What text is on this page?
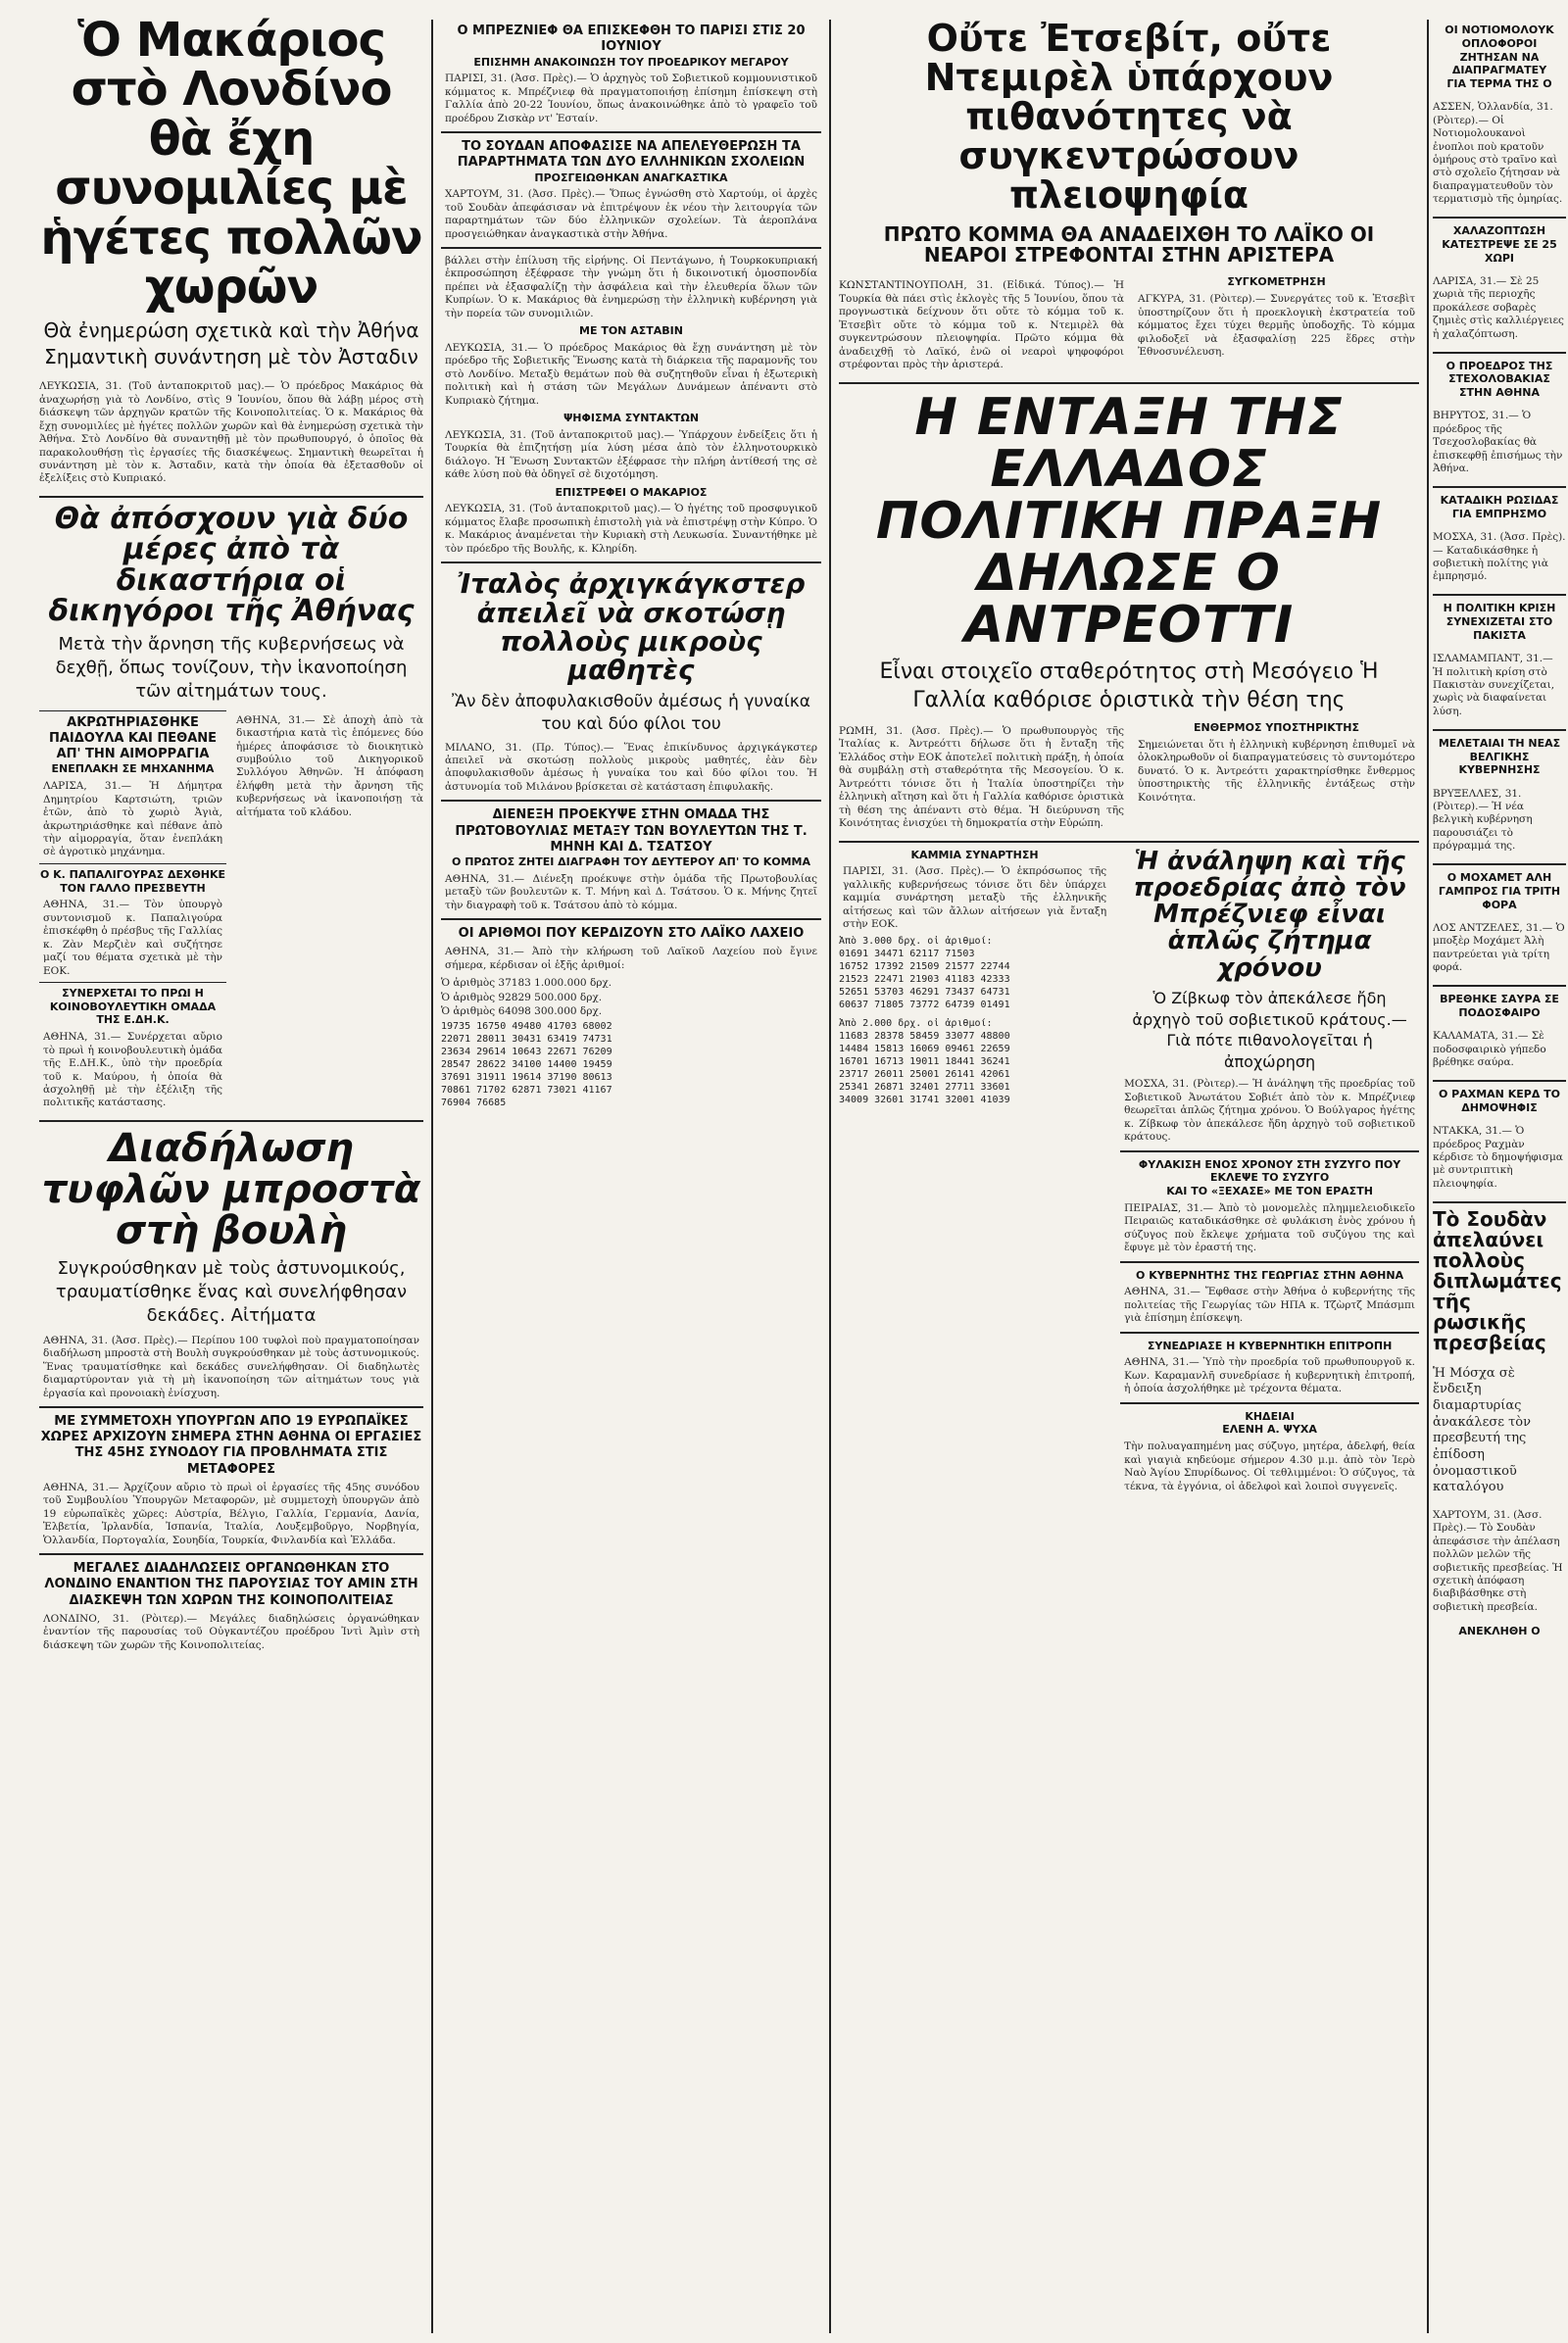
Ὁ Μακάριος στὸ Λονδίνο θὰ ἔχη συνομιλίες μὲ ἡγέτες πολλῶν χωρῶν

Θὰ ἐνημερώση σχετικὰ καὶ τὴν Ἀθήνα Σημαντικὴ συνάντηση μὲ τὸν Ἀσταδιν

ΛΕΥΚΩΣΙΑ, 31. (Τοῦ ἀνταποκριτοῦ μας).— Ὁ πρόεδρος Μακάριος θὰ ἀναχωρήσῃ γιὰ τὸ Λονδίνο, στὶς 9 Ἰουνίου, ὅπου θὰ λάβῃ μέρος στὴ διάσκεψη τῶν ἀρχηγῶν κρατῶν τῆς Κοινοπολιτείας. Ὁ κ. Μακάριος θὰ ἔχῃ συνομιλίες μὲ ἡγέτες πολλῶν χωρῶν καὶ θὰ ἐνημερώσῃ σχετικὰ τὴν Ἀθήνα. Στὸ Λονδίνο θὰ συναντηθῇ μὲ τὸν πρωθυπουργό, ὁ ὁποῖος θὰ παρακολουθήσῃ τὶς ἐργασίες τῆς διασκέψεως. Σημαντικὴ θεωρεῖται ἡ συνάντηση μὲ τὸν κ. Ἀσταδιν, κατὰ τὴν ὁποία θὰ ἐξετασθοῦν οἱ ἐξελίξεις στὸ Κυπριακό.

Θὰ ἀπόσχουν γιὰ δύο μέρες ἀπὸ τὰ δικαστήρια οἱ δικηγόροι τῆς Ἀθήνας

Μετὰ τὴν ἄρνηση τῆς κυβερνήσεως νὰ δεχθῇ, ὅπως τονίζουν, τὴν ἱκανοποίηση τῶν αἰτημάτων τους.

ΑΚΡΩΤΗΡΙΑΣΘΗΚΕ ΠΑΙΔΟΥΛΑ ΚΑΙ ΠΕΘΑΝΕ ΑΠ' ΤΗΝ ΑΙΜΟΡΡΑΓΙΑ

ΕΝΕΠΛΑΚΗ ΣΕ ΜΗΧΑΝΗΜΑ

ΛΑΡΙΣΑ, 31.— Ἡ Δήμητρα Δημητρίου Καρτσιώτη, τριῶν ἐτῶν, ἀπὸ τὸ χωριὸ Ἀγιὰ, ἀκρωτηριάσθηκε καὶ πέθανε ἀπὸ τὴν αἱμορραγία, ὅταν ἐνεπλάκη σὲ ἀγροτικὸ μηχάνημα.

Ο Κ. ΠΑΠΑΛΙΓΟΥΡΑΣ ΔΕΧΘΗΚΕ ΤΟΝ ΓΑΛΛΟ ΠΡΕΣΒΕΥΤΗ

ΑΘΗΝΑ, 31.— Τὸν ὑπουργὸ συντονισμοῦ κ. Παπαλιγούρα ἐπισκέφθη ὁ πρέσβυς τῆς Γαλλίας κ. Ζὰν Μερζιὲν καὶ συζήτησε μαζί του θέματα σχετικὰ μὲ τὴν ΕΟΚ.

ΣΥΝΕΡΧΕΤΑΙ ΤΟ ΠΡΩΙ Η ΚΟΙΝΟΒΟΥΛΕΥΤΙΚΗ ΟΜΑΔΑ ΤΗΣ Ε.ΔΗ.Κ.

ΑΘΗΝΑ, 31.— Συνέρχεται αὔριο τὸ πρωὶ ἡ κοινοβουλευτικὴ ὁμάδα τῆς Ε.ΔΗ.Κ., ὑπὸ τὴν προεδρία τοῦ κ. Μαύρου, ἡ ὁποία θὰ ἀσχοληθῇ μὲ τὴν ἐξέλιξη τῆς πολιτικῆς κατάστασης.

ΑΘΗΝΑ, 31.— Σὲ ἀποχὴ ἀπὸ τὰ δικαστήρια κατὰ τὶς ἑπόμενες δύο ἡμέρες ἀποφάσισε τὸ διοικητικὸ συμβούλιο τοῦ Δικηγορικοῦ Συλλόγου Ἀθηνῶν. Ἡ ἀπόφαση ἐλήφθη μετὰ τὴν ἄρνηση τῆς κυβερνήσεως νὰ ἱκανοποιήσῃ τὰ αἰτήματα τοῦ κλάδου.

Διαδήλωση τυφλῶν μπροστὰ στὴ βουλὴ

Συγκρούσθηκαν μὲ τοὺς ἀστυνομικούς, τραυματίσθηκε ἕνας καὶ συνελήφθησαν δεκάδες. Αἰτήματα

ΑΘΗΝΑ, 31. (Ἀσσ. Πρὲς).— Περίπου 100 τυφλοὶ ποὺ πραγματοποίησαν διαδήλωση μπροστὰ στὴ Βουλὴ συγκρούσθηκαν μὲ τοὺς ἀστυνομικούς. Ἕνας τραυματίσθηκε καὶ δεκάδες συνελήφθησαν. Οἱ διαδηλωτὲς διαμαρτύρονταν γιὰ τὴ μὴ ἱκανοποίηση τῶν αἰτημάτων τους γιὰ ἐργασία καὶ προνοιακὴ ἐνίσχυση.

ΜΕ ΣΥΜΜΕΤΟΧΗ ΥΠΟΥΡΓΩΝ ΑΠΟ 19 ΕΥΡΩΠΑΪΚΕΣ ΧΩΡΕΣ ΑΡΧΙΖΟΥΝ ΣΗΜΕΡΑ ΣΤΗΝ ΑΘΗΝΑ ΟΙ ΕΡΓΑΣΙΕΣ ΤΗΣ 45ΗΣ ΣΥΝΟΔΟΥ ΓΙΑ ΠΡΟΒΛΗΜΑΤΑ ΣΤΙΣ ΜΕΤΑΦΟΡΕΣ

ΑΘΗΝΑ, 31.— Ἀρχίζουν αὔριο τὸ πρωὶ οἱ ἐργασίες τῆς 45ης συνόδου τοῦ Συμβουλίου Ὑπουργῶν Μεταφορῶν, μὲ συμμετοχὴ ὑπουργῶν ἀπὸ 19 εὐρωπαϊκὲς χῶρες: Αὐστρία, Βέλγιο, Γαλλία, Γερμανία, Δανία, Ἑλβετία, Ἰρλανδία, Ἰσπανία, Ἰταλία, Λουξεμβοῦργο, Νορβηγία, Ὁλλανδία, Πορτογαλία, Σουηδία, Τουρκία, Φινλανδία καὶ Ἑλλάδα.

ΜΕΓΑΛΕΣ ΔΙΑΔΗΛΩΣΕΙΣ ΟΡΓΑΝΩΘΗΚΑΝ ΣΤΟ ΛΟΝΔΙΝΟ ΕΝΑΝΤΙΟΝ ΤΗΣ ΠΑΡΟΥΣΙΑΣ ΤΟΥ ΑΜΙΝ ΣΤΗ ΔΙΑΣΚΕΨΗ ΤΩΝ ΧΩΡΩΝ ΤΗΣ ΚΟΙΝΟΠΟΛΙΤΕΙΑΣ

ΛΟΝΔΙΝΟ, 31. (Ρὸιτερ).— Μεγάλες διαδηλώσεις ὀργανώθηκαν ἐναντίον τῆς παρουσίας τοῦ Οὐγκαντέζου προέδρου Ἰντὶ Ἀμὶν στὴ διάσκεψη τῶν χωρῶν τῆς Κοινοπολιτείας.

Ο ΜΠΡΕΖΝΙΕΦ ΘΑ ΕΠΙΣΚΕΦΘΗ ΤΟ ΠΑΡΙΣΙ ΣΤΙΣ 20 ΙΟΥΝΙΟΥ

ΕΠΙΣΗΜΗ ΑΝΑΚΟΙΝΩΣΗ ΤΟΥ ΠΡΟΕΔΡΙΚΟΥ ΜΕΓΑΡΟΥ

ΠΑΡΙΣΙ, 31. (Ἀσσ. Πρὲς).— Ὁ ἀρχηγὸς τοῦ Σοβιετικοῦ κομμουνιστικοῦ κόμματος κ. Μπρέζνιεφ θὰ πραγματοποιήσῃ ἐπίσημη ἐπίσκεψη στὴ Γαλλία ἀπὸ 20-22 Ἰουνίου, ὅπως ἀνακοινώθηκε ἀπὸ τὸ γραφεῖο τοῦ προέδρου Ζισκὰρ ντ' Ἐσταίν.

ΤΟ ΣΟΥΔΑΝ ΑΠΟΦΑΣΙΣΕ ΝΑ ΑΠΕΛΕΥΘΕΡΩΣΗ ΤΑ ΠΑΡΑΡΤΗΜΑΤΑ ΤΩΝ ΔΥΟ ΕΛΛΗΝΙΚΩΝ ΣΧΟΛΕΙΩΝ

ΠΡΟΣΓΕΙΩΘΗΚΑΝ ΑΝΑΓΚΑΣΤΙΚΑ

ΧΑΡΤΟΥΜ, 31. (Ἀσσ. Πρὲς).— Ὅπως ἐγνώσθη στὸ Χαρτούμ, οἱ ἀρχὲς τοῦ Σουδὰν ἀπεφάσισαν νὰ ἐπιτρέψουν ἐκ νέου τὴν λειτουργία τῶν παραρτημάτων τῶν δύο ἑλληνικῶν σχολείων. Τὰ ἀεροπλάνα προσγειώθηκαν ἀναγκαστικὰ στὴν Ἀθήνα.

βάλλει στὴν ἐπίλυση τῆς εἰρήνης. Οἱ Πεντάγωνο, ἡ Τουρκοκυπριακή ἐκπροσώπηση ἐξέφρασε τὴν γνώμη ὅτι ἡ δικοινοτική ὁμοσπονδία πρέπει νὰ ἐξασφαλίζῃ τὴν ἀσφάλεια καὶ τὴν ἐλευθερία ὅλων τῶν Κυπρίων. Ὁ κ. Μακάριος θὰ ἐνημερώσῃ τὴν ἑλληνικὴ κυβέρνηση γιὰ τὴν πορεία τῶν συνομιλιῶν.

ΜΕ ΤΟΝ ΑΣΤΑΒΙΝ

ΛΕΥΚΩΣΙΑ, 31.— Ὁ πρόεδρος Μακάριος θὰ ἔχῃ συνάντηση μὲ τὸν πρόεδρο τῆς Σοβιετικῆς Ἕνωσης κατὰ τὴ διάρκεια τῆς παραμονῆς του στὸ Λονδίνο. Μεταξὺ θεμάτων ποὺ θὰ συζητηθοῦν εἶναι ἡ ἐξωτερικὴ πολιτικὴ καὶ ἡ στάση τῶν Μεγάλων Δυνάμεων ἀπέναντι στὸ Κυπριακὸ ζήτημα.

ΨΗΦΙΣΜΑ ΣΥΝΤΑΚΤΩΝ

ΛΕΥΚΩΣΙΑ, 31. (Τοῦ ἀνταποκριτοῦ μας).— Ὑπάρχουν ἐνδείξεις ὅτι ἡ Τουρκία θὰ ἐπιζητήσῃ μία λύση μέσα ἀπὸ τὸν ἑλληνοτουρκικὸ διάλογο. Ἡ Ἕνωση Συντακτῶν ἐξέφρασε τὴν πλήρη ἀντίθεσή της σὲ κάθε λύση ποὺ θὰ ὁδηγεῖ σὲ διχοτόμηση.

ΕΠΙΣΤΡΕΦΕΙ Ο ΜΑΚΑΡΙΟΣ

ΛΕΥΚΩΣΙΑ, 31. (Τοῦ ἀνταποκριτοῦ μας).— Ὁ ἡγέτης τοῦ προσφυγικοῦ κόμματος ἔλαβε προσωπικὴ ἐπιστολὴ γιὰ νὰ ἐπιστρέψῃ στὴν Κύπρο. Ὁ κ. Μακάριος ἀναμένεται τὴν Κυριακὴ στὴ Λευκωσία. Συναντήθηκε μὲ τὸν πρόεδρο τῆς Βουλῆς, κ. Κληρίδη.

Ἰταλὸς ἀρχιγκάγκστερ ἀπειλεῖ νὰ σκοτώσῃ πολλοὺς μικροὺς μαθητὲς

Ἂν δὲν ἀποφυλακισθοῦν ἀμέσως ἡ γυναίκα του καὶ δύο φίλοι του

ΜΙΛΑΝΟ, 31. (Πρ. Τύπος).— Ἕνας ἐπικίνδυνος ἀρχιγκάγκστερ ἀπειλεῖ νὰ σκοτώσῃ πολλοὺς μικροὺς μαθητές, ἐὰν δὲν ἀποφυλακισθοῦν ἀμέσως ἡ γυναίκα του καὶ δύο φίλοι του. Ἡ ἀστυνομία τοῦ Μιλάνου βρίσκεται σὲ κατάσταση ἐπιφυλακῆς.

ΔΙΕΝΕΞΗ ΠΡΟΕΚΥΨΕ ΣΤΗΝ ΟΜΑΔΑ ΤΗΣ ΠΡΩΤΟΒΟΥΛΙΑΣ ΜΕΤΑΞΥ ΤΩΝ ΒΟΥΛΕΥΤΩΝ ΤΗΣ Τ. ΜΗΝΗ ΚΑΙ Δ. ΤΣΑΤΣΟΥ

Ο ΠΡΩΤΟΣ ΖΗΤΕΙ ΔΙΑΓΡΑΦΗ ΤΟΥ ΔΕΥΤΕΡΟΥ ΑΠ' ΤΟ ΚΟΜΜΑ

ΑΘΗΝΑ, 31.— Διένεξη προέκυψε στὴν ὁμάδα τῆς Πρωτοβουλίας μεταξὺ τῶν βουλευτῶν κ. Τ. Μήνη καὶ Δ. Τσάτσου. Ὁ κ. Μήνης ζητεῖ τὴν διαγραφὴ τοῦ κ. Τσάτσου ἀπὸ τὸ κόμμα.

ΟΙ ΑΡΙΘΜΟΙ ΠΟΥ ΚΕΡΔΙΖΟΥΝ ΣΤΟ ΛΑΪΚΟ ΛΑΧΕΙΟ

ΑΘΗΝΑ, 31.— Ἀπὸ τὴν κλήρωση τοῦ Λαϊκοῦ Λαχείου ποὺ ἔγινε σήμερα, κέρδισαν οἱ ἑξῆς ἀριθμοί:

Ὁ ἀριθμὸς 37183 1.000.000 δρχ.

Ὁ ἀριθμὸς 92829 500.000 δρχ.

Ὁ ἀριθμὸς 64098 300.000 δρχ.

19735 16750 49480 41703 68002
22071 28011 30431 63419 74731
23634 29614 10643 22671 76209
28547 28622 34100 14400 19459
37691 31911 19614 37190 80613
70861 71702 62871 73021 41167
76904 76685
Οὔτε Ἐτσεβίτ, οὔτε Ντεμιρὲλ ὑπάρχουν πιθανότητες νὰ συγκεντρώσουν πλειοψηφία

ΠΡΩΤΟ ΚΟΜΜΑ ΘΑ ΑΝΑΔΕΙΧΘΗ ΤΟ ΛΑΪΚΟ ΟΙ ΝΕΑΡΟΙ ΣΤΡΕΦΟΝΤΑΙ ΣΤΗΝ ΑΡΙΣΤΕΡΑ

ΚΩΝΣΤΑΝΤΙΝΟΥΠΟΛΗ, 31. (Εἰδικά. Τύπος).— Ἡ Τουρκία θὰ πάει στὶς ἐκλογὲς τῆς 5 Ἰουνίου, ὅπου τὰ προγνωστικὰ δείχνουν ὅτι οὔτε τὸ κόμμα τοῦ κ. Ἐτσεβὶτ οὔτε τὸ κόμμα τοῦ κ. Ντεμιρὲλ θὰ συγκεντρώσουν πλειοψηφία. Πρῶτο κόμμα θὰ ἀναδειχθῇ τὸ Λαϊκό, ἐνῶ οἱ νεαροὶ ψηφοφόροι στρέφονται πρὸς τὴν ἀριστερά.

ΣΥΓΚΟΜΕΤΡΗΣΗ

ΑΓΚΥΡΑ, 31. (Ρὸιτερ).— Συνεργάτες τοῦ κ. Ἐτσεβὶτ ὑποστηρίζουν ὅτι ἡ προεκλογικὴ ἐκστρατεία τοῦ κόμματος ἔχει τύχει θερμῆς ὑποδοχῆς. Τὸ κόμμα φιλοδοξεῖ νὰ ἐξασφαλίσῃ 225 ἕδρες στὴν Ἐθνοσυνέλευση.

Η ΕΝΤΑΞΗ ΤΗΣ ΕΛΛΑΔΟΣ ΠΟΛΙΤΙΚΗ ΠΡΑΞΗ ΔΗΛΩΣΕ Ο ΑΝΤΡΕΟΤΤΙ

Εἶναι στοιχεῖο σταθερότητος στὴ Μεσόγειο Ἡ Γαλλία καθόρισε ὁριστικὰ τὴν θέση της

ΡΩΜΗ, 31. (Ἀσσ. Πρὲς).— Ὁ πρωθυπουργὸς τῆς Ἰταλίας κ. Ἀντρεόττι δήλωσε ὅτι ἡ ἔνταξη τῆς Ἑλλάδος στὴν ΕΟΚ ἀποτελεῖ πολιτικὴ πράξη, ἡ ὁποία θὰ συμβάλῃ στὴ σταθερότητα τῆς Μεσογείου. Ὁ κ. Ἀντρεόττι τόνισε ὅτι ἡ Ἰταλία ὑποστηρίζει τὴν ἑλληνικὴ αἴτηση καὶ ὅτι ἡ Γαλλία καθόρισε ὁριστικὰ τὴ θέση της ἀπέναντι στὸ θέμα. Ἡ διεύρυνση τῆς Κοινότητας ἐνισχύει τὴ δημοκρατία στὴν Εὐρώπη.

ΕΝΘΕΡΜΟΣ ΥΠΟΣΤΗΡΙΚΤΗΣ

Σημειώνεται ὅτι ἡ ἑλληνικὴ κυβέρνηση ἐπιθυμεῖ νὰ ὁλοκληρωθοῦν οἱ διαπραγματεύσεις τὸ συντομότερο δυνατό. Ὁ κ. Ἀντρεόττι χαρακτηρίσθηκε ἔνθερμος ὑποστηρικτὴς τῆς ἑλληνικῆς ἐντάξεως στὴν Κοινότητα.

ΚΑΜΜΙΑ ΣΥΝΑΡΤΗΣΗ

ΠΑΡΙΣΙ, 31. (Ἀσσ. Πρὲς).— Ὁ ἐκπρόσωπος τῆς γαλλικῆς κυβερνήσεως τόνισε ὅτι δὲν ὑπάρχει καμμία συνάρτηση μεταξὺ τῆς ἑλληνικῆς αἰτήσεως καὶ τῶν ἄλλων αἰτήσεων γιὰ ἔνταξη στὴν ΕΟΚ.

Ἀπὸ 3.000 δρχ. οἱ ἀριθμοί:
01691 34471 62117 71503
16752 17392 21509 21577 22744
21523 22471 21903 41183 42333
52651 53703 46291 73437 64731
60637 71805 73772 64739 01491
Ἀπὸ 2.000 δρχ. οἱ ἀριθμοί:
11683 28378 58459 33077 48800
14484 15813 16069 09461 22659
16701 16713 19011 18441 36241
23717 26011 25001 26141 42061
25341 26871 32401 27711 33601
34009 32601 31741 32001 41039
Ἡ ἀνάληψη καὶ τῆς προεδρίας ἀπὸ τὸν Μπρέζνιεφ εἶναι ἁπλῶς ζήτημα χρόνου

Ὁ Ζίβκωφ τὸν ἀπεκάλεσε ἤδη ἀρχηγὸ τοῦ σοβιετικοῦ κράτους.— Γιὰ πότε πιθανολογεῖται ἡ ἀποχώρηση

ΜΟΣΧΑ, 31. (Ρὸιτερ).— Ἡ ἀνάληψη τῆς προεδρίας τοῦ Σοβιετικοῦ Ἀνωτάτου Σοβιέτ ἀπὸ τὸν κ. Μπρέζνιεφ θεωρεῖται ἁπλῶς ζήτημα χρόνου. Ὁ Βούλγαρος ἡγέτης κ. Ζίβκωφ τὸν ἀπεκάλεσε ἤδη ἀρχηγὸ τοῦ σοβιετικοῦ κράτους.

ΦΥΛΑΚΙΣΗ ΕΝΟΣ ΧΡΟΝΟΥ ΣΤΗ ΣΥΖΥΓΟ ΠΟΥ ΕΚΛΕΨΕ ΤΟ ΣΥΖΥΓΟ

ΚΑΙ ΤΟ «ΞΕΧΑΣΕ» ΜΕ ΤΟΝ ΕΡΑΣΤΗ

ΠΕΙΡΑΙΑΣ, 31.— Ἀπὸ τὸ μονομελὲς πλημμελειοδικεῖο Πειραιῶς καταδικάσθηκε σὲ φυλάκιση ἑνὸς χρόνου ἡ σύζυγος ποὺ ἔκλεψε χρήματα τοῦ συζύγου της καὶ ἔφυγε μὲ τὸν ἐραστή της.

Ο ΚΥΒΕΡΝΗΤΗΣ ΤΗΣ ΓΕΩΡΓΙΑΣ ΣΤΗΝ ΑΘΗΝΑ

ΑΘΗΝΑ, 31.— Ἔφθασε στὴν Ἀθήνα ὁ κυβερνήτης τῆς πολιτείας τῆς Γεωργίας τῶν ΗΠΑ κ. Τζὼρτζ Μπάσμπι γιὰ ἐπίσημη ἐπίσκεψη.

ΣΥΝΕΔΡΙΑΣΕ Η ΚΥΒΕΡΝΗΤΙΚΗ ΕΠΙΤΡΟΠΗ

ΑΘΗΝΑ, 31.— Ὑπὸ τὴν προεδρία τοῦ πρωθυπουργοῦ κ. Κων. Καραμανλῆ συνεδρίασε ἡ κυβερνητικὴ ἐπιτροπή, ἡ ὁποία ἀσχολήθηκε μὲ τρέχοντα θέματα.

ΚΗΔΕΙΑΙ

ΕΛΕΝΗ Α. ΨΥΧΑ

Τὴν πολυαγαπημένη μας σύζυγο, μητέρα, ἀδελφή, θεία καὶ γιαγιὰ κηδεύομε σήμερον 4.30 μ.μ. ἀπὸ τὸν Ἱερὸ Ναὸ Ἁγίου Σπυρίδωνος. Οἱ τεθλιμμένοι: Ὁ σύζυγος, τὰ τέκνα, τὰ ἐγγόνια, οἱ ἀδελφοὶ καὶ λοιποὶ συγγενεῖς.

ΟΙ ΝΟΤΙΟΜΟΛΟΥΚ ΟΠΛΟΦΟΡΟΙ ΖΗΤΗΣΑΝ ΝΑ ΔΙΑΠΡΑΓΜΑΤΕΥ

ΓΙΑ ΤΕΡΜΑ ΤΗΣ Ο

ΑΣΣΕΝ, Ὁλλανδία, 31. (Ρὸιτερ).— Οἱ Νοτιομολουκανοὶ ἐνοπλοι ποὺ κρατοῦν ὁμήρους στὸ τραῖνο καὶ στὸ σχολεῖο ζήτησαν νὰ διαπραγματευθοῦν τὸν τερματισμὸ τῆς ὁμηρίας.

ΧΑΛΑΖΟΠΤΩΣΗ ΚΑΤΕΣΤΡΕΨΕ ΣΕ 25 ΧΩΡΙ

ΛΑΡΙΣΑ, 31.— Σὲ 25 χωριὰ τῆς περιοχῆς προκάλεσε σοβαρὲς ζημιὲς στὶς καλλιέργειες ἡ χαλαζόπτωση.

Ο ΠΡΟΕΔΡΟΣ ΤΗΣ ΣΤΕΧΟΛΟΒΑΚΙΑΣ ΣΤΗΝ ΑΘΗΝΑ

ΒΗΡΥΤΟΣ, 31.— Ὁ πρόεδρος τῆς Τσεχοσλοβακίας θὰ ἐπισκεφθῇ ἐπισήμως τὴν Ἀθήνα.

ΚΑΤΑΔΙΚΗ ΡΩΣΙΔΑΣ ΓΙΑ ΕΜΠΡΗΣΜΟ

ΜΟΣΧΑ, 31. (Ἀσσ. Πρὲς).— Καταδικάσθηκε ἡ σοβιετικὴ πολίτης γιὰ ἐμπρησμό.

Η ΠΟΛΙΤΙΚΗ ΚΡΙΣΗ ΣΥΝΕΧΙΖΕΤΑΙ ΣΤΟ ΠΑΚΙΣΤΑ

ΙΣΛΑΜΑΜΠΑΝΤ, 31.— Ἡ πολιτικὴ κρίση στὸ Πακιστὰν συνεχίζεται, χωρὶς νὰ διαφαίνεται λύση.

ΜΕΛΕΤΑΙΑΙ ΤΗ ΝΕΑΣ ΒΕΛΓΙΚΗΣ ΚΥΒΕΡΝΗΣΗΣ

ΒΡΥΞΕΛΛΕΣ, 31. (Ρὸιτερ).— Ἡ νέα βελγικὴ κυβέρνηση παρουσιάζει τὸ πρόγραμμά της.

Ο ΜΟΧΑΜΕΤ ΑΛΗ ΓΑΜΠΡΟΣ ΓΙΑ ΤΡΙΤΗ ΦΟΡΑ

ΛΟΣ ΑΝΤΖΕΛΕΣ, 31.— Ὁ μποξὲρ Μοχάμετ Ἀλὴ παντρεύεται γιὰ τρίτη φορά.

ΒΡΕΘΗΚΕ ΣΑΥΡΑ ΣΕ ΠΟΔΟΣΦΑΙΡΟ

ΚΑΛΑΜΑΤΑ, 31.— Σὲ ποδοσφαιρικὸ γήπεδο βρέθηκε σαύρα.

Ο ΡΑΧΜΑΝ ΚΕΡΔ ΤΟ ΔΗΜΟΨΗΦΙΣ

ΝΤΑΚΚΑ, 31.— Ὁ πρόεδρος Ραχμὰν κέρδισε τὸ δημοψήφισμα μὲ συντριπτικὴ πλειοψηφία.

Τὸ Σουδὰν ἀπελαύνει πολλοὺς διπλωμάτες τῆς ρωσικῆς πρεσβείας

Ἡ Μόσχα σὲ ἔνδειξη διαμαρτυρίας ἀνακάλεσε τὸν πρεσβευτή της ἐπίδοση ὀνομαστικοῦ καταλόγου

ΧΑΡΤΟΥΜ, 31. (Ἀσσ. Πρὲς).— Τὸ Σουδὰν ἀπεφάσισε τὴν ἀπέλαση πολλῶν μελῶν τῆς σοβιετικῆς πρεσβείας. Ἡ σχετικὴ ἀπόφαση διαβιβάσθηκε στὴ σοβιετικὴ πρεσβεία.

ΑΝΕΚΛΗΘΗ Ο
